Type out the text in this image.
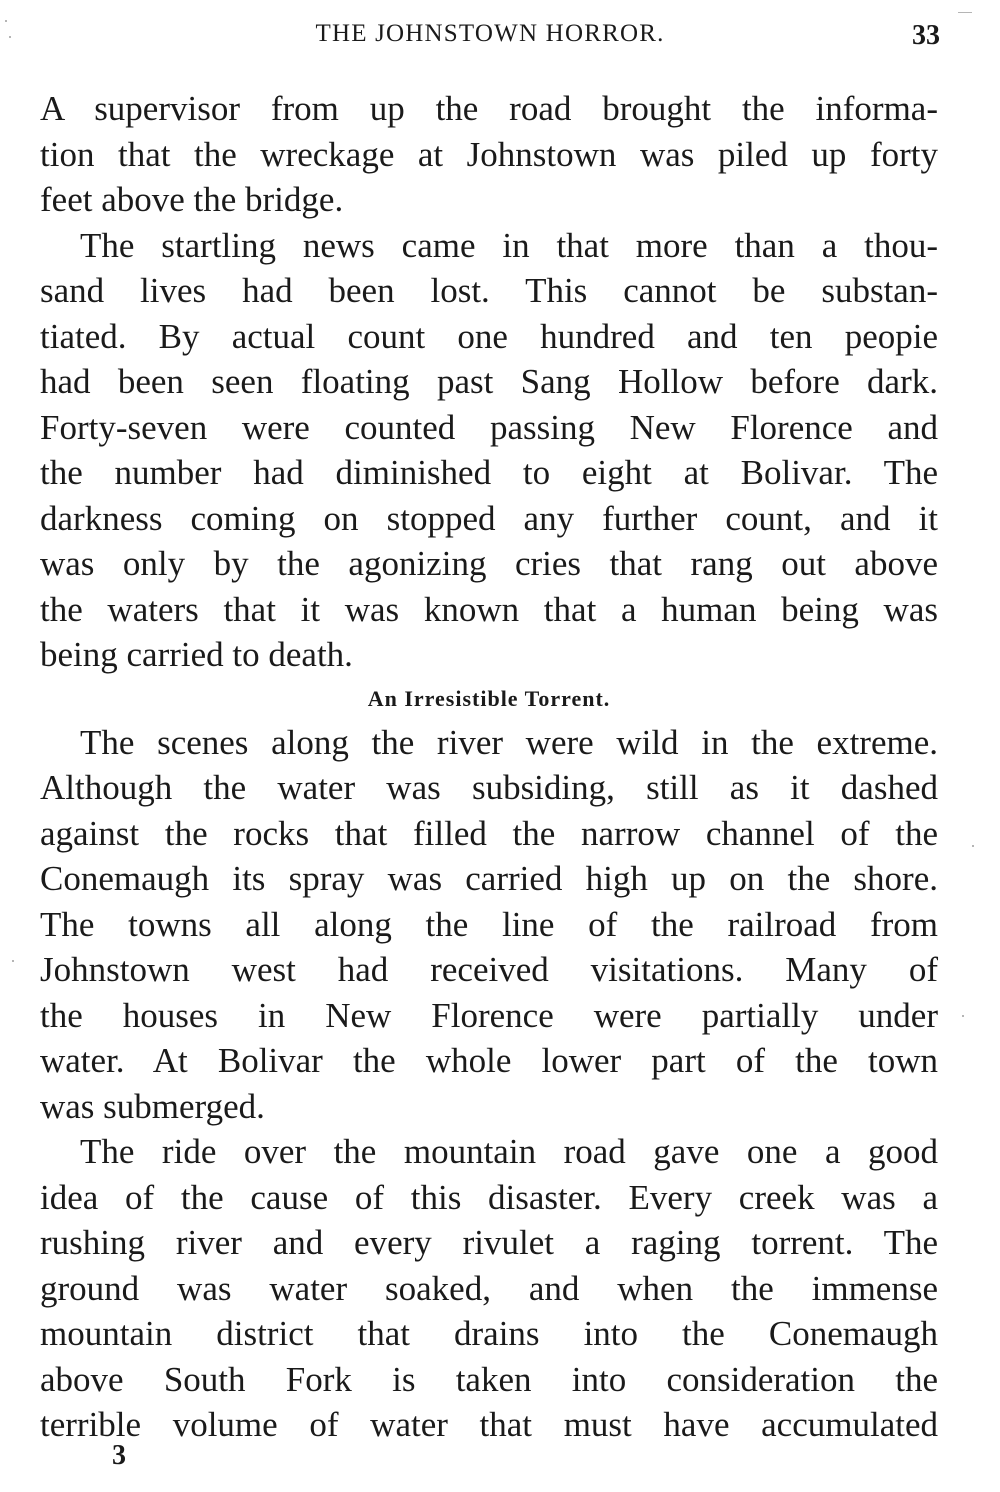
THE JOHNSTOWN HORROR.	33
A supervisor from up the road brought the informa-
tion that the wreckage at Johnstown was piled up forty
feet above the bridge.
The startling news came in that more than a thou-
sand lives had been lost. This cannot be substan-
tiated. By actual count one hundred and ten peopie
had been seen floating past Sang Hollow before dark.
Forty-seven were counted passing New Florence and
the number had diminished to eight at Bolivar. The
darkness coming on stopped any further count, and it
was only by the agonizing cries that rang out above
the waters that it was known that a human being was
being carried to death.
An Irresistible Torrent.
The scenes along the river were wild in the extreme.
Although the water was subsiding, still as it dashed
against the rocks that filled the narrow channel of the
Conemaugh its spray was carried high up on the shore.
The towns all along the line of the railroad from
Johnstown west had received visitations. Many of
the houses in New Florence were partially under
water. At Bolivar the whole lower part of the town
was submerged.
The ride over the mountain road gave one a good
idea of the cause of this disaster. Every creek was a
rushing river and every rivulet a raging torrent. The
ground was water soaked, and when the immense
mountain district that drains into the Conemaugh
above South Fork is taken into consideration the
terrible volume of water that must have accumulated
3
